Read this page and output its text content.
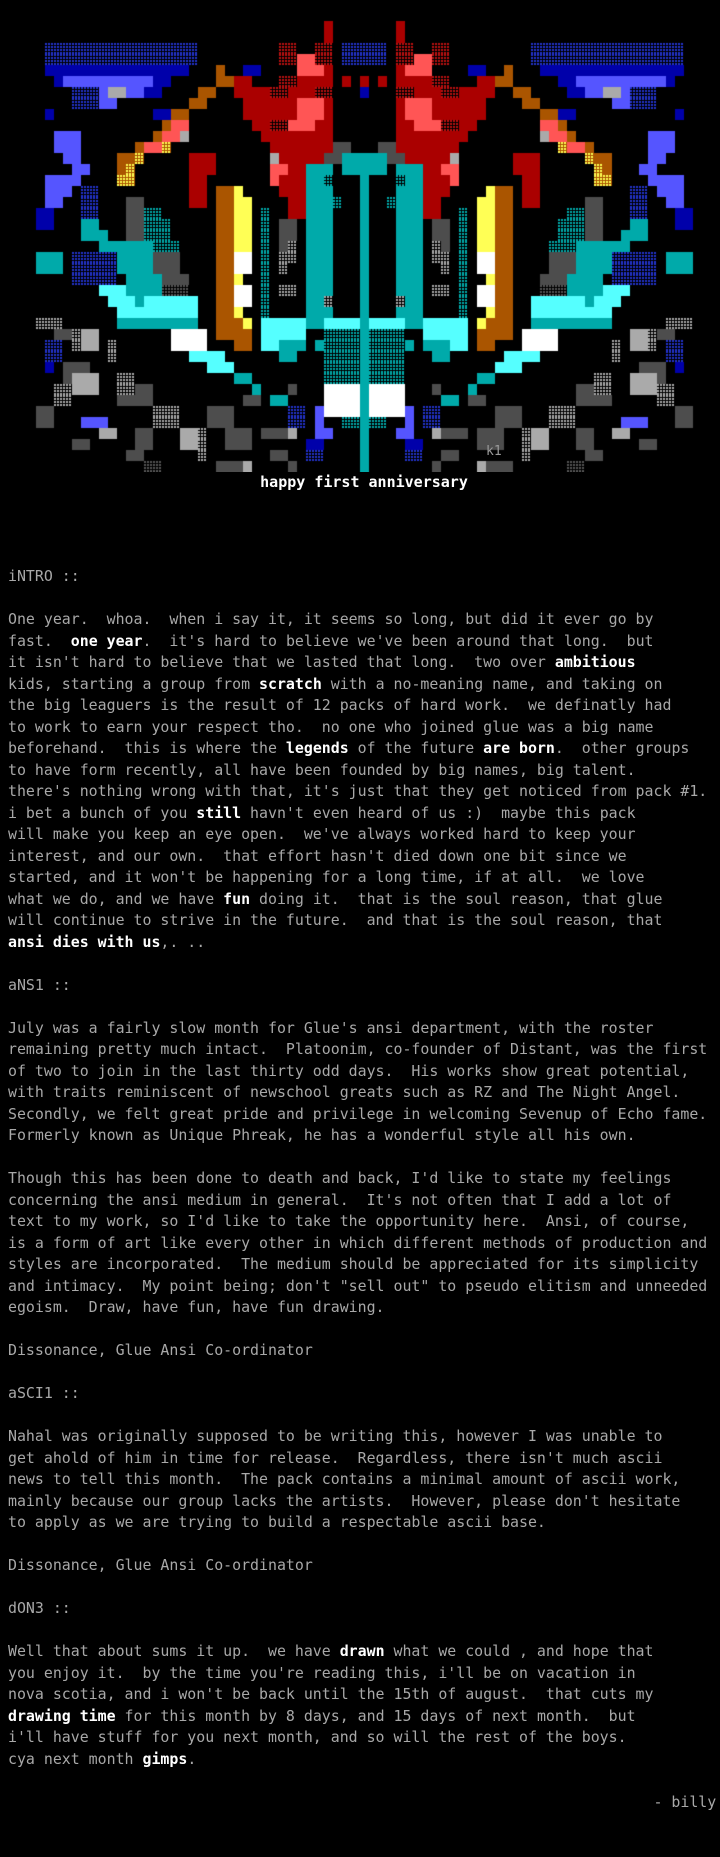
k1
happy first anniversary
iNTRO ::
One year.  whoa.  when i say it, it seems so long, but did it ever go by
fast.  one year.  it's hard to believe we've been around that long.  but
it isn't hard to believe that we lasted that long.  two over ambitious
kids, starting a group from scratch with a no-meaning name, and taking on
the big leaguers is the result of 12 packs of hard work.  we definatly had
to work to earn your respect tho.  no one who joined glue was a big name
beforehand.  this is where the legends of the future are born.  other groups
to have form recently, all have been founded by big names, big talent.
there's nothing wrong with that, it's just that they get noticed from pack #1.
i bet a bunch of you still havn't even heard of us :)  maybe this pack
will make you keep an eye open.  we've always worked hard to keep your
interest, and our own.  that effort hasn't died down one bit since we
started, and it won't be happening for a long time, if at all.  we love
what we do, and we have fun doing it.  that is the soul reason, that glue
will continue to strive in the future.  and that is the soul reason, that
ansi dies with us,. ..
aNS1 ::
July was a fairly slow month for Glue's ansi department, with the roster
remaining pretty much intact.  Platoonim, co-founder of Distant, was the first
of two to join in the last thirty odd days.  His works show great potential,
with traits reminiscent of newschool greats such as RZ and The Night Angel.
Secondly, we felt great pride and privilege in welcoming Sevenup of Echo fame.
Formerly known as Unique Phreak, he has a wonderful style all his own.
Though this has been done to death and back, I'd like to state my feelings
concerning the ansi medium in general.  It's not often that I add a lot of
text to my work, so I'd like to take the opportunity here.  Ansi, of course,
is a form of art like every other in which different methods of production and
styles are incorporated.  The medium should be appreciated for its simplicity
and intimacy.  My point being; don't "sell out" to pseudo elitism and unneeded
egoism.  Draw, have fun, have fun drawing.
Dissonance, Glue Ansi Co-ordinator
aSCI1 ::
Nahal was originally supposed to be writing this, however I was unable to
get ahold of him in time for release.  Regardless, there isn't much ascii
news to tell this month.  The pack contains a minimal amount of ascii work,
mainly because our group lacks the artists.  However, please don't hesitate
to apply as we are trying to build a respectable ascii base.
Dissonance, Glue Ansi Co-ordinator
dON3 ::
Well that about sums it up.  we have drawn what we could , and hope that
you enjoy it.  by the time you're reading this, i'll be on vacation in
nova scotia, and i won't be back until the 15th of august.  that cuts my
drawing time for this month by 8 days, and 15 days of next month.  but
i'll have stuff for you next month, and so will the rest of the boys.
cya next month gimps.
- billy
